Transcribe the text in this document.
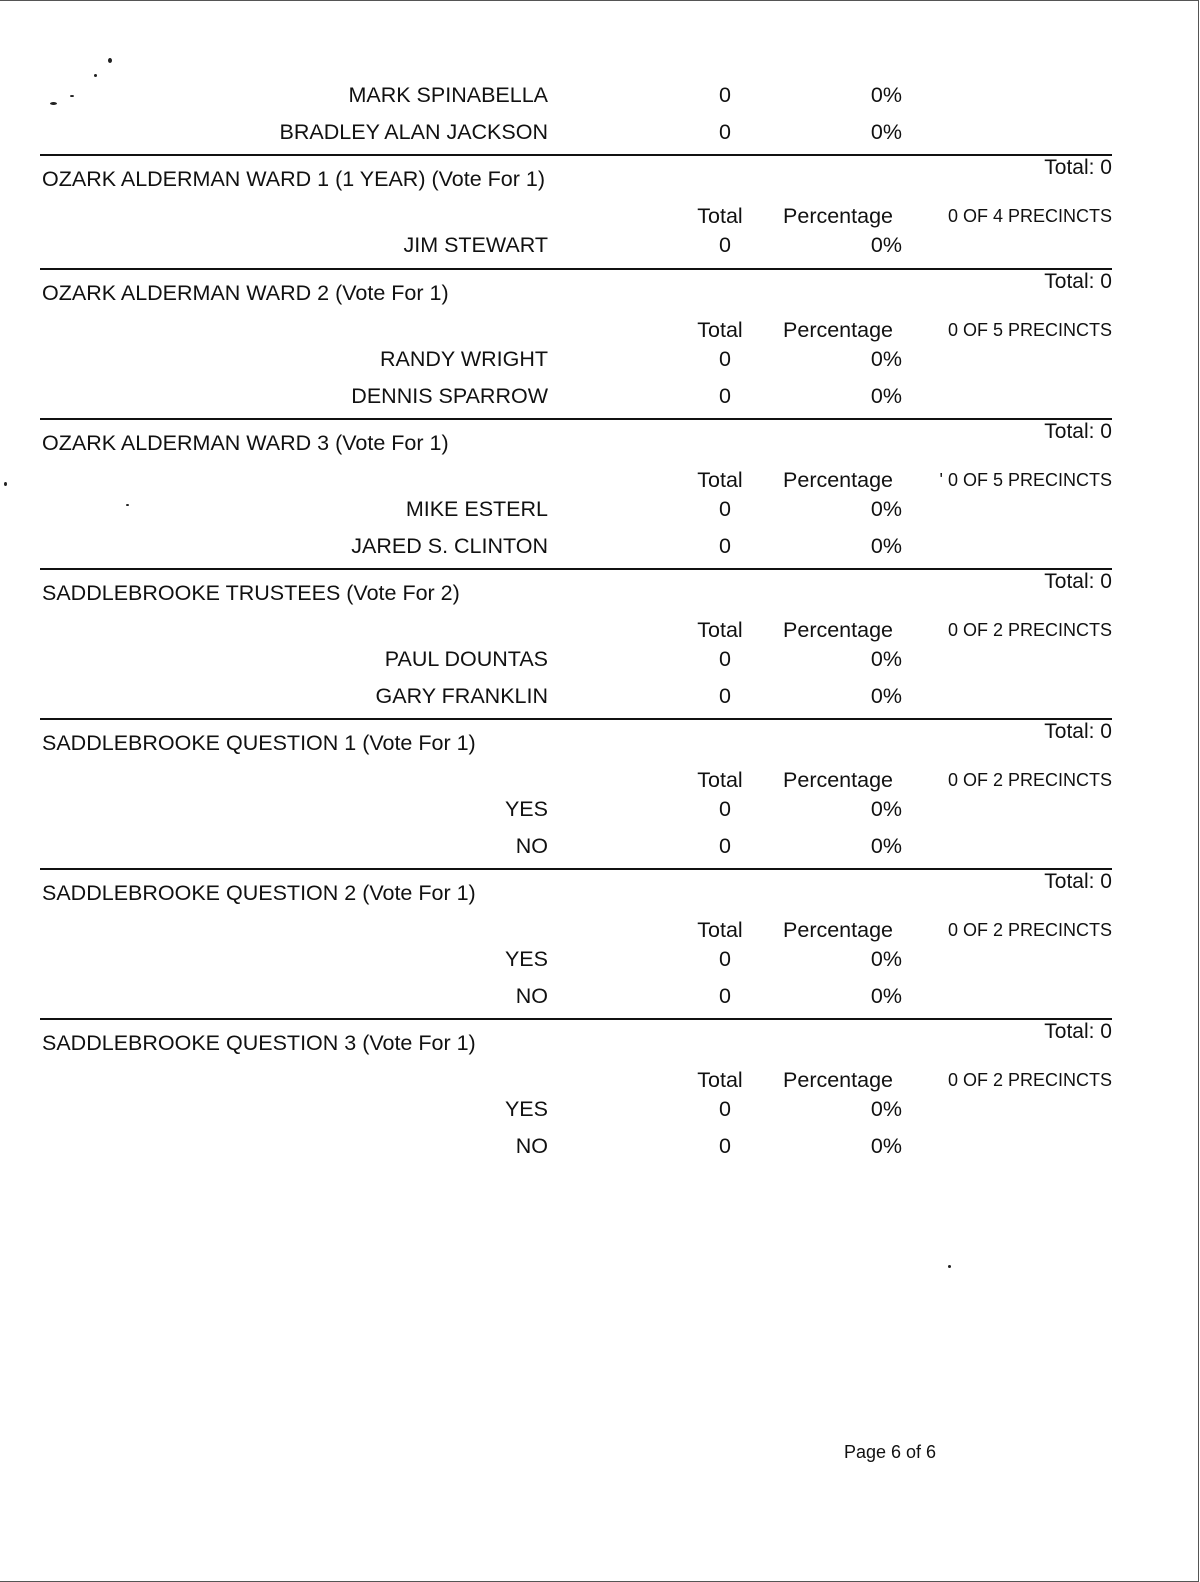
MARK SPINABELLA	0	0%
BRADLEY ALAN JACKSON	0	0%
Total: 0
OZARK ALDERMAN WARD 1 (1 YEAR) (Vote For 1)
Total	Percentage	0 OF 4 PRECINCTS
JIM STEWART	0	0%
Total: 0
OZARK ALDERMAN WARD 2 (Vote For 1)
Total	Percentage	0 OF 5 PRECINCTS
RANDY WRIGHT	0	0%
DENNIS SPARROW	0	0%
Total: 0
OZARK ALDERMAN WARD 3 (Vote For 1)
Total	Percentage	' 0 OF 5 PRECINCTS
MIKE ESTERL	0	0%
JARED S. CLINTON	0	0%
Total: 0
SADDLEBROOKE TRUSTEES (Vote For 2)
Total	Percentage	0 OF 2 PRECINCTS
PAUL DOUNTAS	0	0%
GARY FRANKLIN	0	0%
Total: 0
SADDLEBROOKE QUESTION 1 (Vote For 1)
Total	Percentage	0 OF 2 PRECINCTS
YES	0	0%
NO	0	0%
Total: 0
SADDLEBROOKE QUESTION 2 (Vote For 1)
Total	Percentage	0 OF 2 PRECINCTS
YES	0	0%
NO	0	0%
Total: 0
SADDLEBROOKE QUESTION 3 (Vote For 1)
Total	Percentage	0 OF 2 PRECINCTS
YES	0	0%
NO	0	0%
Page 6 of 6
